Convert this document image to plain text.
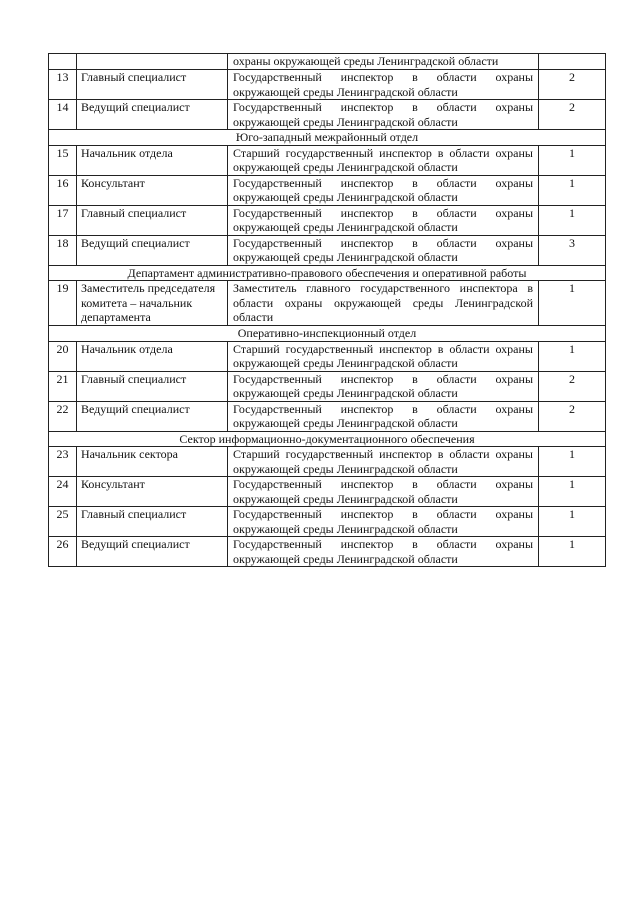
		охраны окружающей среды Ленинградской области	
13	Главный специалист	Государственный инспектор в области охраны окружающей среды Ленинградской области	2
14	Ведущий специалист	Государственный инспектор в области охраны окружающей среды Ленинградской области	2
Юго-западный межрайонный отдел			
15	Начальник отдела	Старший государственный инспектор в области охраны окружающей среды Ленинградской области	1
16	Консультант	Государственный инспектор в области охраны окружающей среды Ленинградской области	1
17	Главный специалист	Государственный инспектор в области охраны окружающей среды Ленинградской области	1
18	Ведущий специалист	Государственный инспектор в области охраны окружающей среды Ленинградской области	3
Департамент административно-правового обеспечения и оперативной работы			
19	Заместитель председателя комитета – начальник департамента	Заместитель главного государственного инспектора в области охраны окружающей среды Ленинградской области	1
Оперативно-инспекционный отдел			
20	Начальник отдела	Старший государственный инспектор в области охраны окружающей среды Ленинградской области	1
21	Главный специалист	Государственный инспектор в области охраны окружающей среды Ленинградской области	2
22	Ведущий специалист	Государственный инспектор в области охраны окружающей среды Ленинградской области	2
Сектор информационно-документационного обеспечения			
23	Начальник сектора	Старший государственный инспектор в области охраны окружающей среды Ленинградской области	1
24	Консультант	Государственный инспектор в области охраны окружающей среды Ленинградской области	1
25	Главный специалист	Государственный инспектор в области охраны окружающей среды Ленинградской области	1
26	Ведущий специалист	Государственный инспектор в области охраны окружающей среды Ленинградской области	1
